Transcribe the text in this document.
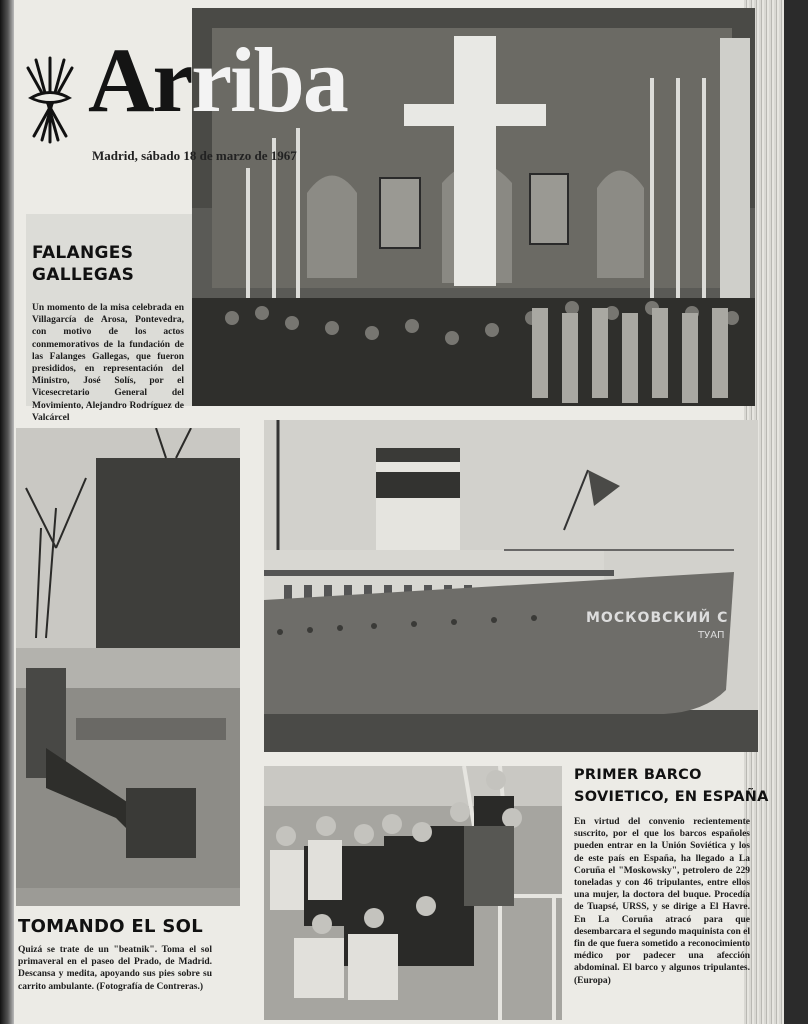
Arriba
Madrid, sábado 18 de marzo de 1967
FALANGES
GALLEGAS
Un momento de la misa celebrada en Villagarcía de Arosa, Pontevedra, con motivo de los actos conmemorativos de la fundación de las Falanges Gallegas, que fueron presididos, en representación del Ministro, José Solís, por el Vicesecretario General del Movimiento, Alejandro Rodríguez de Valcárcel
TOMANDO EL SOL
Quizá se trate de un "beatnik". Toma el sol primaveral en el paseo del Prado, de Madrid. Descansa y medita, apoyando sus pies sobre su carrito ambulante. (Fotografía de Contreras.)
МОСКОВСКИЙ С
ТУАП
PRIMER BARCO
SOVIETICO, EN ESPAÑA
En virtud del convenio recientemente suscrito, por el que los barcos españoles pueden entrar en la Unión Soviética y los de este país en España, ha llegado a La Coruña el "Moskowsky", petrolero de 229 toneladas y con 46 tripulantes, entre ellos una mujer, la doctora del buque. Procedía de Tuapsé, URSS, y se dirige a El Havre. En La Coruña atracó para que desembarcara el segundo maquinista con el fin de que fuera sometido a reconocimiento médico por padecer una afección abdominal. El barco y algunos tripulantes. (Europa)
